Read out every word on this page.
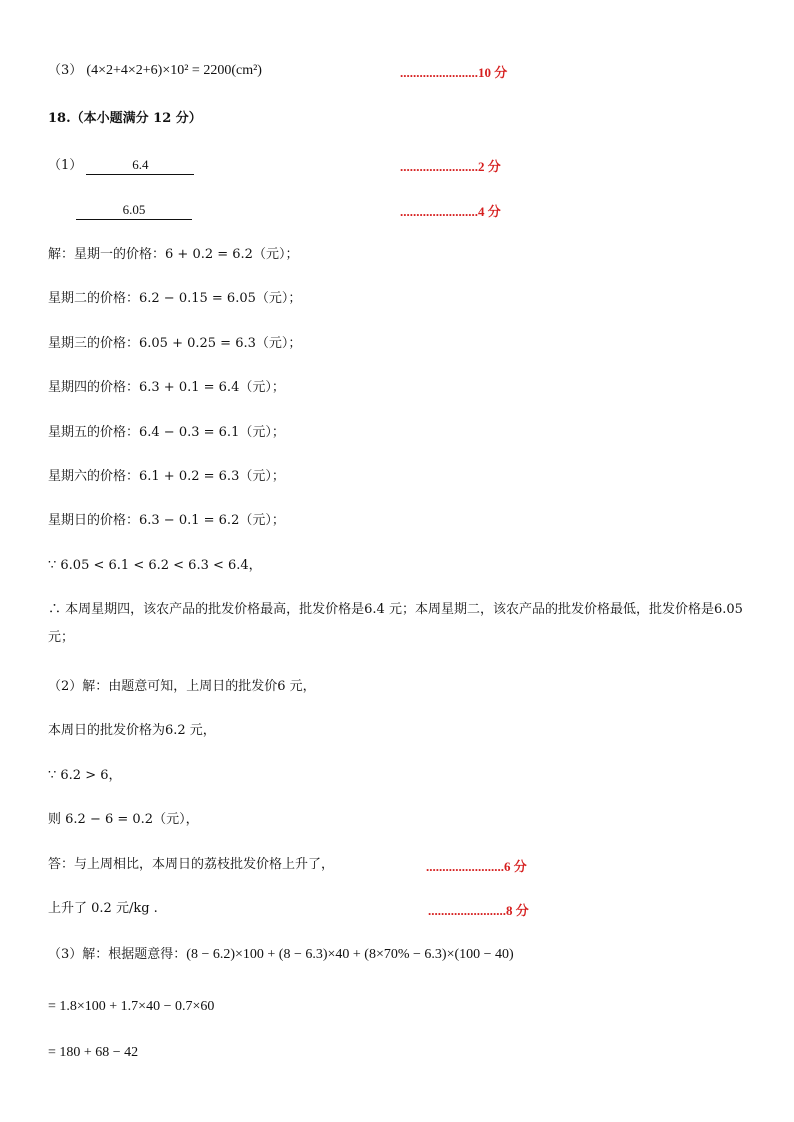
（3） (4×2+4×2+6)×10² = 2200(cm²)	........................10 分
18.（本小题满分 12 分）
（1）	6.4	........................2 分
6.05	........................4 分
解：星期一的价格：6 + 0.2 = 6.2（元）；
星期二的价格：6.2 − 0.15 = 6.05（元）；
星期三的价格：6.05 + 0.25 = 6.3（元）；
星期四的价格：6.3 + 0.1 = 6.4（元）；
星期五的价格：6.4 − 0.3 = 6.1（元）；
星期六的价格：6.1 + 0.2 = 6.3（元）；
星期日的价格：6.3 − 0.1 = 6.2（元）；
∵ 6.05 < 6.1 < 6.2 < 6.3 < 6.4，
∴ 本周星期四，该农产品的批发价格最高，批发价格是6.4 元；本周星期二，该农产品的批发价格最低，批发价格是6.05元；
（2）解：由题意可知，上周日的批发价6 元，
本周日的批发价格为6.2 元，
∵ 6.2 > 6，
则 6.2 − 6 = 0.2（元），
答：与上周相比，本周日的荔枝批发价格上升了，	........................6 分
上升了 0.2 元/kg .	........................8 分
（3）解：根据题意得：(8 − 6.2)×100 + (8 − 6.3)×40 + (8×70% − 6.3)×(100 − 40)
= 1.8×100 + 1.7×40 − 0.7×60
= 180 + 68 − 42
